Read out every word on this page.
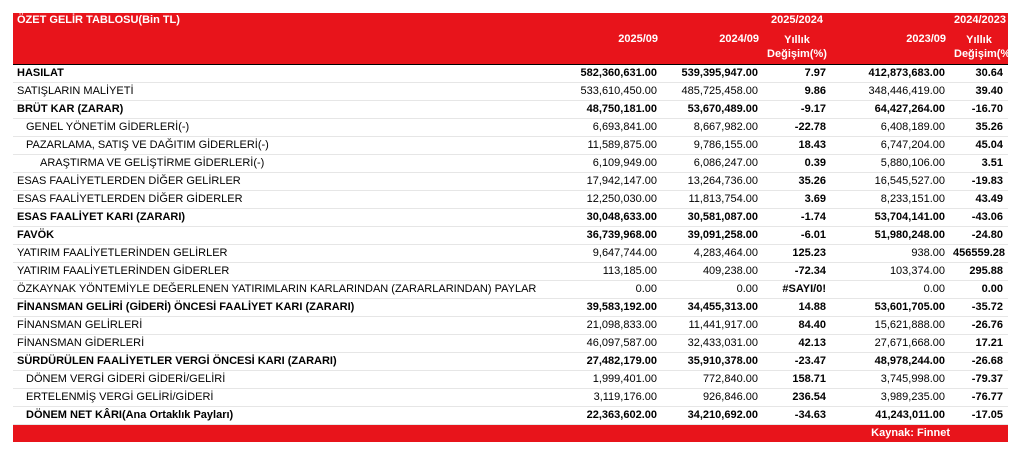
ÖZET GELİR TABLOSU(Bin TL)	2025/09	2024/09	2025/2024	2023/09	2024/2023
			Yıllık		Yıllık
			Değişim(%)		Değişim(%)
HASILAT	582,360,631.00	539,395,947.00	7.97	412,873,683.00	30.64
SATIŞLARIN MALİYETİ	533,610,450.00	485,725,458.00	9.86	348,446,419.00	39.40
BRÜT KAR (ZARAR)	48,750,181.00	53,670,489.00	-9.17	64,427,264.00	-16.70
GENEL YÖNETİM GİDERLERİ(-)	6,693,841.00	8,667,982.00	-22.78	6,408,189.00	35.26
PAZARLAMA, SATIŞ VE DAĞITIM GİDERLERİ(-)	11,589,875.00	9,786,155.00	18.43	6,747,204.00	45.04
ARAŞTIRMA VE GELİŞTİRME GİDERLERİ(-)	6,109,949.00	6,086,247.00	0.39	5,880,106.00	3.51
ESAS FAALİYETLERDEN DİĞER GELİRLER	17,942,147.00	13,264,736.00	35.26	16,545,527.00	-19.83
ESAS FAALİYETLERDEN DİĞER GİDERLER	12,250,030.00	11,813,754.00	3.69	8,233,151.00	43.49
ESAS FAALİYET KARI (ZARARI)	30,048,633.00	30,581,087.00	-1.74	53,704,141.00	-43.06
FAVÖK	36,739,968.00	39,091,258.00	-6.01	51,980,248.00	-24.80
YATIRIM FAALİYETLERİNDEN GELİRLER	9,647,744.00	4,283,464.00	125.23	938.00	456559.28
YATIRIM FAALİYETLERİNDEN GİDERLER	113,185.00	409,238.00	-72.34	103,374.00	295.88
ÖZKAYNAK YÖNTEMİYLE DEĞERLENEN YATIRIMLARIN KARLARINDAN (ZARARLARINDAN) PAYLAR	0.00	0.00	#SAYI/0!	0.00	0.00
FİNANSMAN GELİRİ (GİDERİ) ÖNCESİ FAALİYET KARI (ZARARI)	39,583,192.00	34,455,313.00	14.88	53,601,705.00	-35.72
FİNANSMAN GELİRLERİ	21,098,833.00	11,441,917.00	84.40	15,621,888.00	-26.76
FİNANSMAN GİDERLERİ	46,097,587.00	32,433,031.00	42.13	27,671,668.00	17.21
SÜRDÜRÜLEN FAALİYETLER VERGİ ÖNCESİ KARI (ZARARI)	27,482,179.00	35,910,378.00	-23.47	48,978,244.00	-26.68
DÖNEM VERGİ GİDERİ GİDERİ/GELİRİ	1,999,401.00	772,840.00	158.71	3,745,998.00	-79.37
ERTELENMİŞ VERGİ GELİRİ/GİDERİ	3,119,176.00	926,846.00	236.54	3,989,235.00	-76.77
DÖNEM NET KÂRI(Ana Ortaklık Payları)	22,363,602.00	34,210,692.00	-34.63	41,243,011.00	-17.05
Kaynak: Finnet
